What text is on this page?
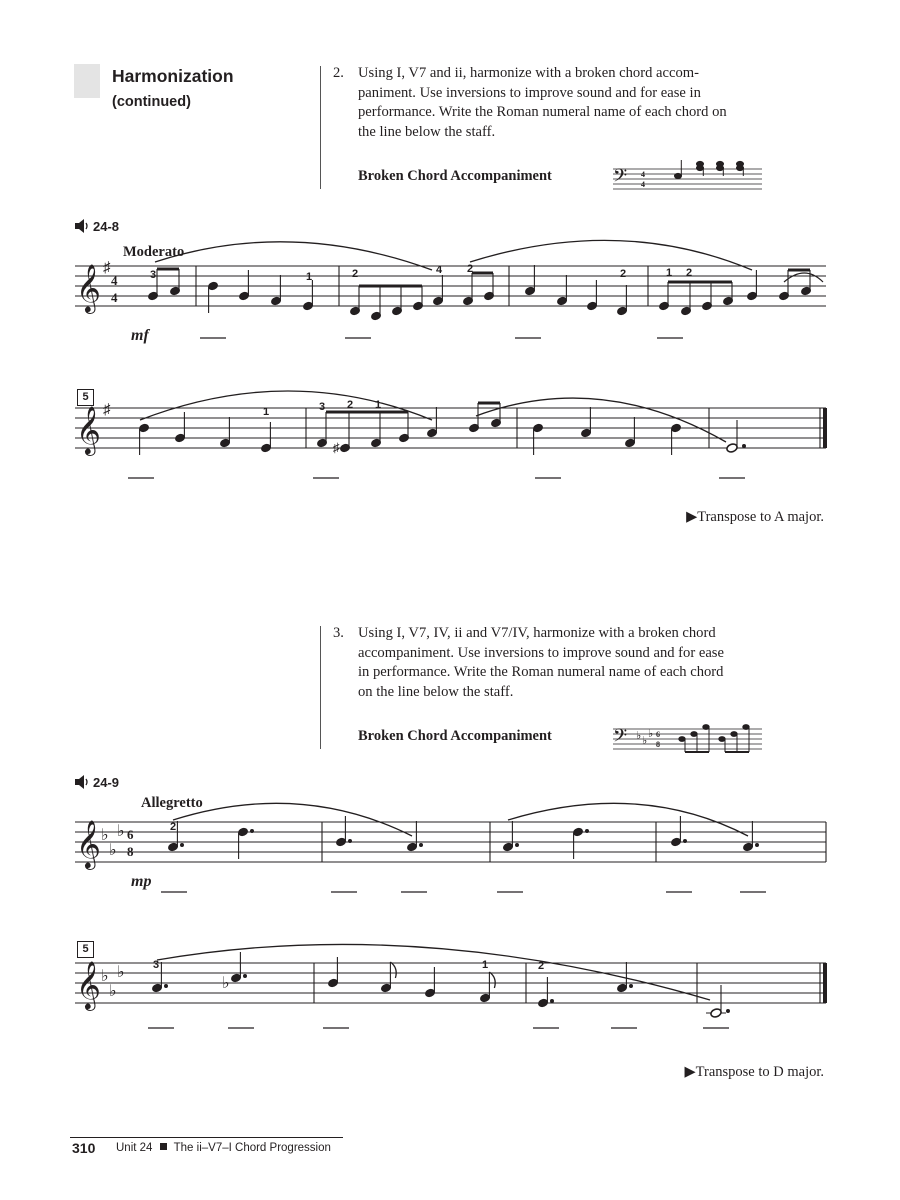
Harmonization
(continued)
2. Using I, V7 and ii, harmonize with a broken chord accom-
paniment. Use inversions to improve sound and for ease in
performance. Write the Roman numeral name of each chord on
the line below the staff.
Broken Chord Accompaniment
3. Using I, V7, IV, ii and V7/IV, harmonize with a broken chord
accompaniment. Use inversions to improve sound and for ease
in performance. Write the Roman numeral name of each chord
on the line below the staff.
Broken Chord Accompaniment
24-8
Moderato
mf
5
24-9
Allegretto
mp
5
▶Transpose to A major.
▶Transpose to D major.
𝄢 4
4
𝄢 ♭ ♭
♭ 6
8
𝄞 ♯
4
4
3	1	2	4 2	2	1 2
𝄞 ♯
♯
1	3 2 1
𝄞 ♭
♭
♭ 6
8
2
𝄞 ♭
♭
♭
♭
3	1	2
310 Unit 24 The ii–V7–I Chord Progression
